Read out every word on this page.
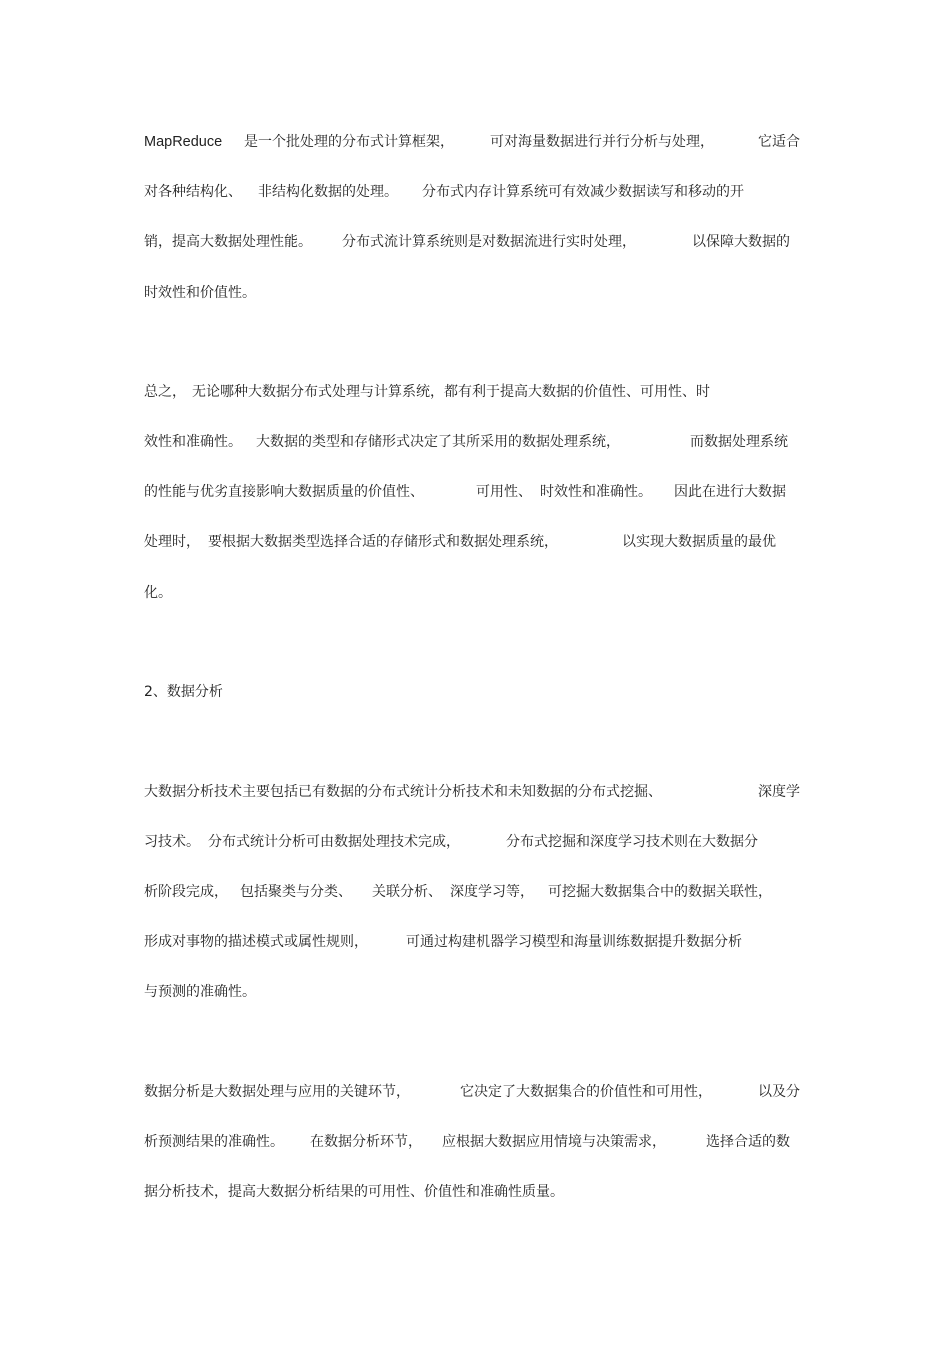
MapReduce 是一个批处理的分布式计算框架，	可对海量数据进行并行分析与处理，	它适合
对各种结构化、 非结构化数据的处理。 分布式内存计算系统可有效减少数据读写和移动的开
销，提高大数据处理性能。 分布式流计算系统则是对数据流进行实时处理，	以保障大数据的
时效性和价值性。
总之， 无论哪种大数据分布式处理与计算系统，都有利于提高大数据的价值性、可用性、时
效性和准确性。 大数据的类型和存储形式决定了其所采用的数据处理系统，	而数据处理系统
的性能与优劣直接影响大数据质量的价值性、	可用性、 时效性和准确性。 因此在进行大数据
处理时， 要根据大数据类型选择合适的存储形式和数据处理系统，	以实现大数据质量的最优
化。
2、数据分析
大数据分析技术主要包括已有数据的分布式统计分析技术和未知数据的分布式挖掘、	深度学
习技术。 分布式统计分析可由数据处理技术完成，	分布式挖掘和深度学习技术则在大数据分
析阶段完成， 包括聚类与分类、 关联分析、 深度学习等， 可挖掘大数据集合中的数据关联性，
形成对事物的描述模式或属性规则，	可通过构建机器学习模型和海量训练数据提升数据分析
与预测的准确性。
数据分析是大数据处理与应用的关键环节，	它决定了大数据集合的价值性和可用性，	以及分
析预测结果的准确性。 在数据分析环节， 应根据大数据应用情境与决策需求，	选择合适的数
据分析技术，提高大数据分析结果的可用性、价值性和准确性质量。
